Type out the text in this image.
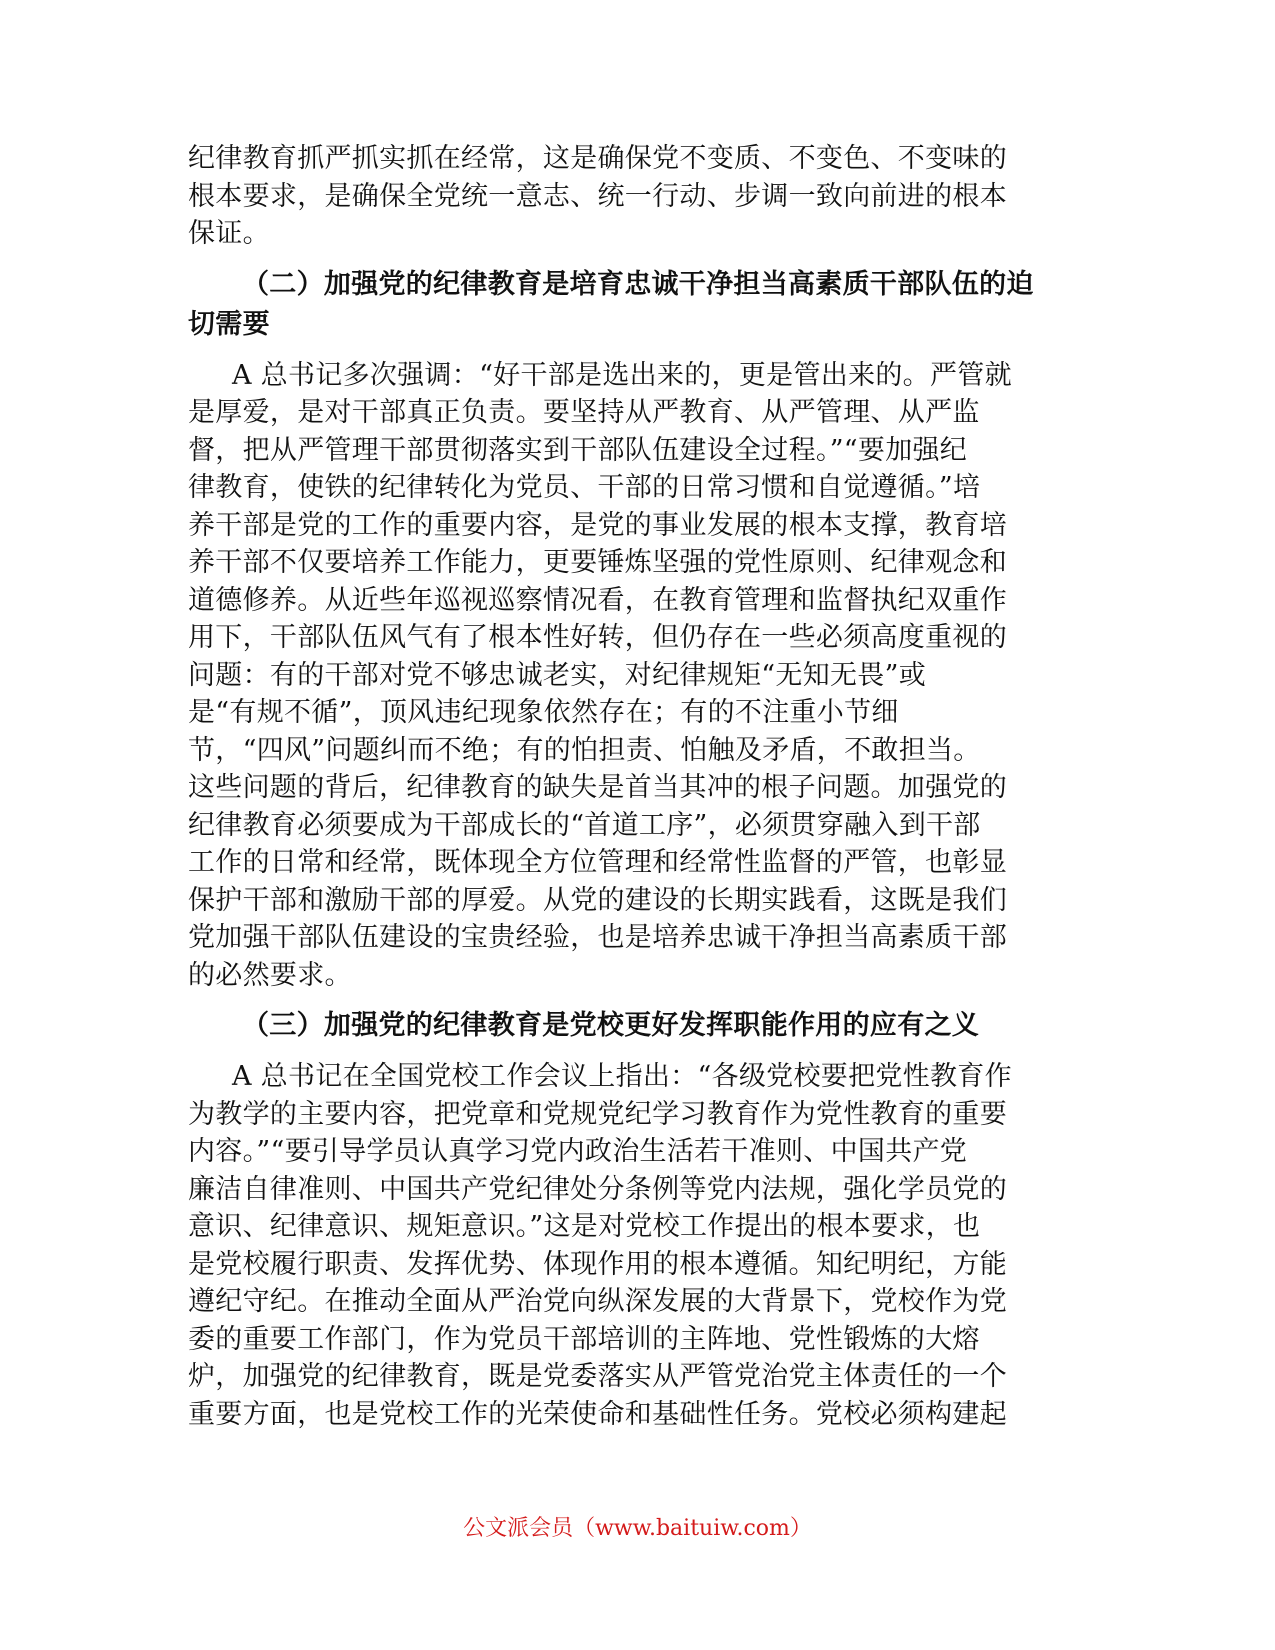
纪律教育抓严抓实抓在经常，这是确保党不变质、不变色、不变味的

根本要求，是确保全党统一意志、统一行动、步调一致向前进的根本

保证。

（二）加强党的纪律教育是培育忠诚干净担当高素质干部队伍的迫

切需要

A 总书记多次强调：“好干部是选出来的，更是管出来的。严管就

是厚爱，是对干部真正负责。要坚持从严教育、从严管理、从严监

督，把从严管理干部贯彻落实到干部队伍建设全过程。”“要加强纪

律教育，使铁的纪律转化为党员、干部的日常习惯和自觉遵循。”培

养干部是党的工作的重要内容，是党的事业发展的根本支撑，教育培

养干部不仅要培养工作能力，更要锤炼坚强的党性原则、纪律观念和

道德修养。从近些年巡视巡察情况看，在教育管理和监督执纪双重作

用下，干部队伍风气有了根本性好转，但仍存在一些必须高度重视的

问题：有的干部对党不够忠诚老实，对纪律规矩“无知无畏”或

是“有规不循”，顶风违纪现象依然存在；有的不注重小节细

节，“四风”问题纠而不绝；有的怕担责、怕触及矛盾，不敢担当。

这些问题的背后，纪律教育的缺失是首当其冲的根子问题。加强党的

纪律教育必须要成为干部成长的“首道工序”，必须贯穿融入到干部

工作的日常和经常，既体现全方位管理和经常性监督的严管，也彰显

保护干部和激励干部的厚爱。从党的建设的长期实践看，这既是我们

党加强干部队伍建设的宝贵经验，也是培养忠诚干净担当高素质干部

的必然要求。

（三）加强党的纪律教育是党校更好发挥职能作用的应有之义

A 总书记在全国党校工作会议上指出：“各级党校要把党性教育作

为教学的主要内容，把党章和党规党纪学习教育作为党性教育的重要

内容。”“要引导学员认真学习党内政治生活若干准则、中国共产党

廉洁自律准则、中国共产党纪律处分条例等党内法规，强化学员党的

意识、纪律意识、规矩意识。”这是对党校工作提出的根本要求，也

是党校履行职责、发挥优势、体现作用的根本遵循。知纪明纪，方能

遵纪守纪。在推动全面从严治党向纵深发展的大背景下，党校作为党

委的重要工作部门，作为党员干部培训的主阵地、党性锻炼的大熔

炉，加强党的纪律教育，既是党委落实从严管党治党主体责任的一个

重要方面，也是党校工作的光荣使命和基础性任务。党校必须构建起

公文派会员（www.baituiw.com）
